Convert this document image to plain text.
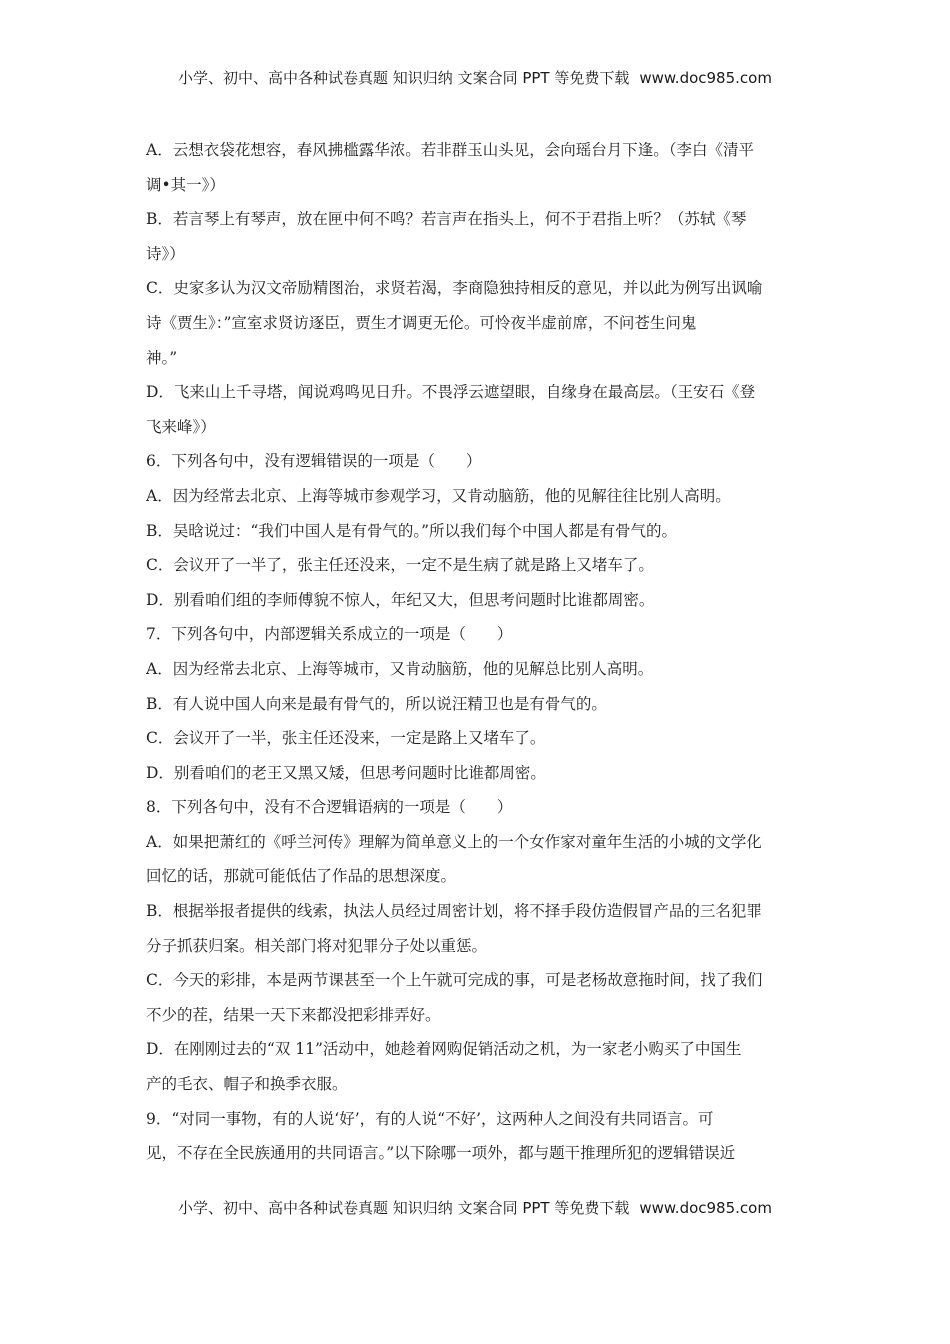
小学、初中、高中各种试卷真题 知识归纳 文案合同 PPT 等免费下载 www.doc985.com
A．云想衣袋花想容，春风拂槛露华浓。若非群玉山头见，会向瑶台月下逢。（李白《清平
调•其一》）
B．若言琴上有琴声，放在匣中何不鸣？若言声在指头上，何不于君指上听？（苏轼《琴
诗》）
C．史家多认为汉文帝励精图治，求贤若渴，李商隐独持相反的意见，并以此为例写出讽喻
诗《贾生》：”宣室求贤访逐臣，贾生才调更无伦。可怜夜半虚前席，不问苍生问鬼
神。”
D．飞来山上千寻塔，闻说鸡鸣见日升。不畏浮云遮望眼，自缘身在最高层。（王安石《登
飞来峰》）
6．下列各句中，没有逻辑错误的一项是（　　）
A．因为经常去北京、上海等城市参观学习，又肯动脑筋，他的见解往往比别人高明。
B．吴晗说过：“我们中国人是有骨气的。”所以我们每个中国人都是有骨气的。
C．会议开了一半了，张主任还没来，一定不是生病了就是路上又堵车了。
D．别看咱们组的李师傅貌不惊人，年纪又大，但思考问题时比谁都周密。
7．下列各句中，内部逻辑关系成立的一项是（　　）
A．因为经常去北京、上海等城市，又肯动脑筋，他的见解总比别人高明。
B．有人说中国人向来是最有骨气的，所以说汪精卫也是有骨气的。
C．会议开了一半，张主任还没来，一定是路上又堵车了。
D．别看咱们的老王又黑又矮，但思考问题时比谁都周密。
8．下列各句中，没有不合逻辑语病的一项是（　　）
A．如果把萧红的《呼兰河传》理解为简单意义上的一个女作家对童年生活的小城的文学化
回忆的话，那就可能低估了作品的思想深度。
B．根据举报者提供的线索，执法人员经过周密计划，将不择手段仿造假冒产品的三名犯罪
分子抓获归案。相关部门将对犯罪分子处以重惩。
C．今天的彩排，本是两节课甚至一个上午就可完成的事，可是老杨故意拖时间，找了我们
不少的茬，结果一天下来都没把彩排弄好。
D．在刚刚过去的“双 11”活动中，她趁着网购促销活动之机，为一家老小购买了中国生
产的毛衣、帽子和换季衣服。
9．“对同一事物，有的人说‘好’，有的人说“不好’，这两种人之间没有共同语言。可
见，不存在全民族通用的共同语言。”以下除哪一项外，都与题干推理所犯的逻辑错误近
小学、初中、高中各种试卷真题 知识归纳 文案合同 PPT 等免费下载 www.doc985.com
